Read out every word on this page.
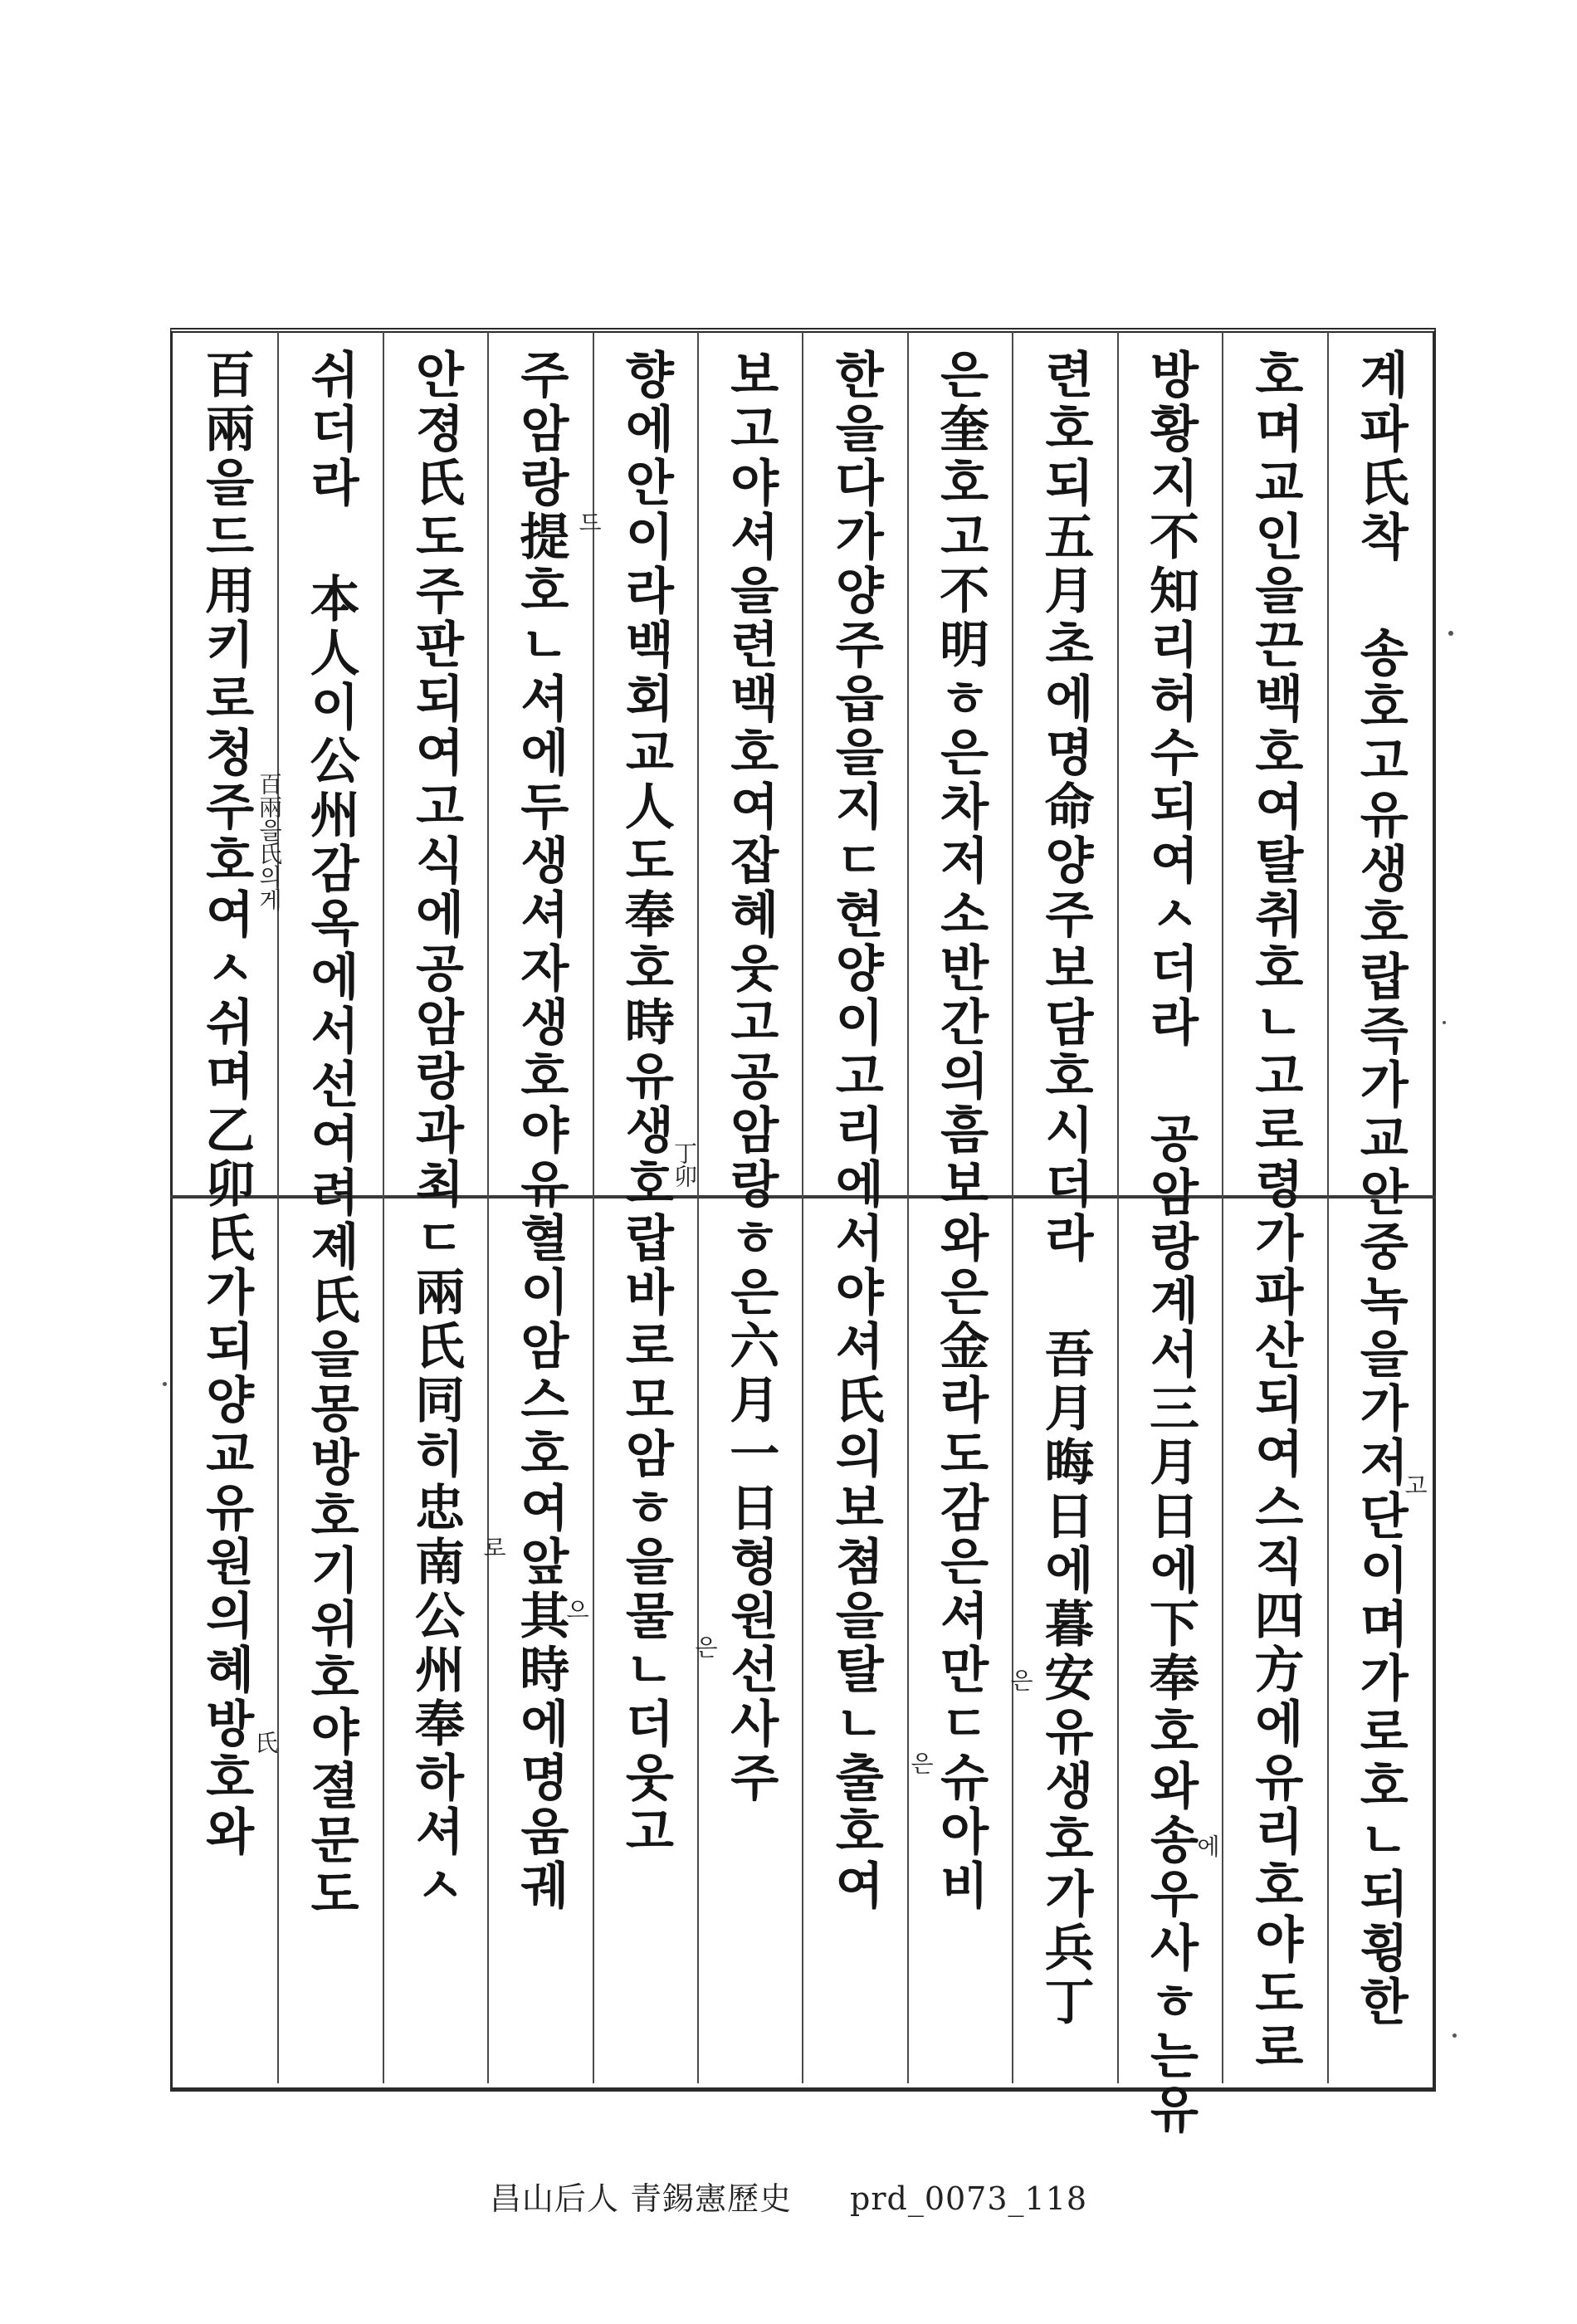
계파氏착 송호고유생호랍즉가교안중녹을가저단이며가로호ㄴ되휭한
호며교인을끈백호여탈취호ㄴ고로령가파산되여스직四方에유리호야도로
방황지不知리허수되여ㅅ더라 공암랑계서三月日에下奉호와송우사ㅎ는유
련호되五月초에명命양주보담호시더라 吾月晦日에暮安유생호가兵丁
은奎호고不明ㅎ은차저소반간의흠보와은金라도감은셔만ㄷ슈아비
한을다가양주읍을지ㄷ현양이고리에서야셔氏의보쳠을탈ㄴ출호여
보고야셔을련백호여잡혜웃고공암랑ㅎ은六月一日형원선사주
향에안이라백회교人도奉호時유생호랍바로모암ㅎ을물ㄴ더웃고
주암랑提호ㄴ셔에두생셔자생호야유혈이암스호여앞其時에명움궤
안졍氏도주판되여고식에공암랑과최ㄷ兩氏同히忠南公州奉하셔ㅅ
쉬더라 本人이公州감옥에서선여려졔氏을몽방호기위호야졀문도
百兩을드用키로청주호여ㅅ쉬며乙卯氏가되양교유원의혜방호와	고
에
은
은
드
丁卯
은
로
으
百兩을氏의게
氏
昌山后人 青錫憲歷史 prd_0073_118
